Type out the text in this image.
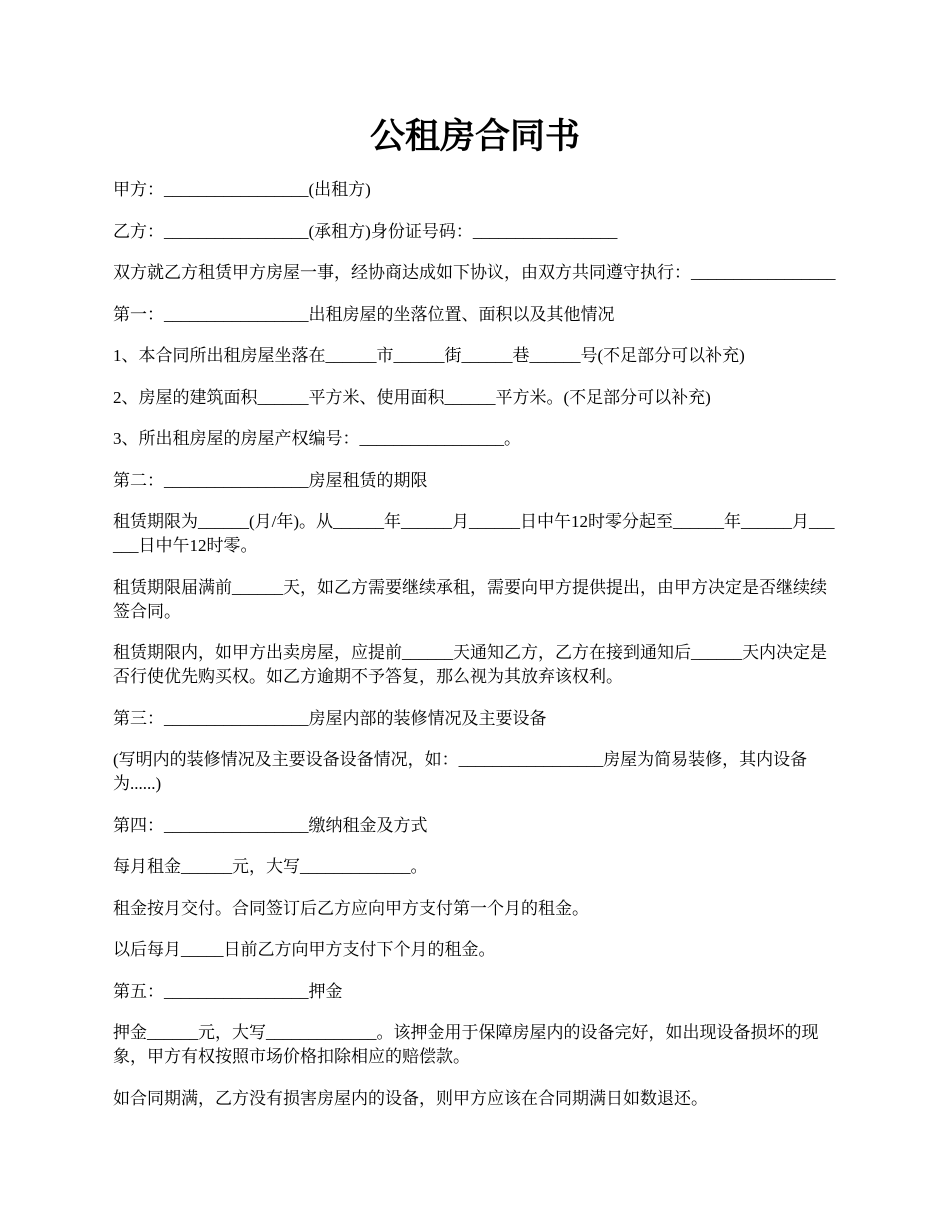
公租房合同书

甲方：_________________(出租方)

乙方：_________________(承租方)身份证号码：_________________

双方就乙方租赁甲方房屋一事，经协商达成如下协议，由双方共同遵守执行：_________________

第一：_________________出租房屋的坐落位置、面积以及其他情况

1、本合同所出租房屋坐落在______市______街______巷______号(不足部分可以补充)

2、房屋的建筑面积______平方米、使用面积______平方米。(不足部分可以补充)

3、所出租房屋的房屋产权编号：_________________。

第二：_________________房屋租赁的期限

租赁期限为______(月/年)。从______年______月______日中午12时零分起至______年______月______日中午12时零。

租赁期限届满前______天，如乙方需要继续承租，需要向甲方提供提出，由甲方决定是否继续续签合同。

租赁期限内，如甲方出卖房屋，应提前______天通知乙方，乙方在接到通知后______天内决定是否行使优先购买权。如乙方逾期不予答复，那么视为其放弃该权利。

第三：_________________房屋内部的装修情况及主要设备

(写明内的装修情况及主要设备设备情况，如：_________________房屋为简易装修，其内设备为......)

第四：_________________缴纳租金及方式

每月租金______元，大写_____________。

租金按月交付。合同签订后乙方应向甲方支付第一个月的租金。

以后每月_____日前乙方向甲方支付下个月的租金。

第五：_________________押金

押金______元，大写_____________。该押金用于保障房屋内的设备完好，如出现设备损坏的现象，甲方有权按照市场价格扣除相应的赔偿款。

如合同期满，乙方没有损害房屋内的设备，则甲方应该在合同期满日如数退还。
